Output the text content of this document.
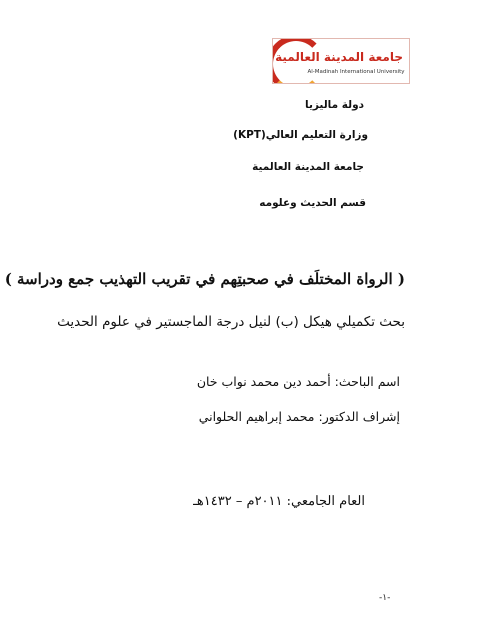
جامعة المدينة العالمية
Al-Madinah International University
دولة ماليزيا
وزارة التعليم العالي(KPT)
جامعة المدينة العالمية
قسم الحديث وعلومه
( الرواة المختلَف في صحبتِهم في تقريب التهذيب جمع ودراسة )
بحث تكميلي هيكل (ب) لنيل درجة الماجستير في علوم الحديث
اسم الباحث: أحمد دين محمد نواب خان
إشراف الدكتور: محمد إبراهيم الحلواني
العام الجامعي: ٢٠١١م – ١٤٣٢هـ
-١-
